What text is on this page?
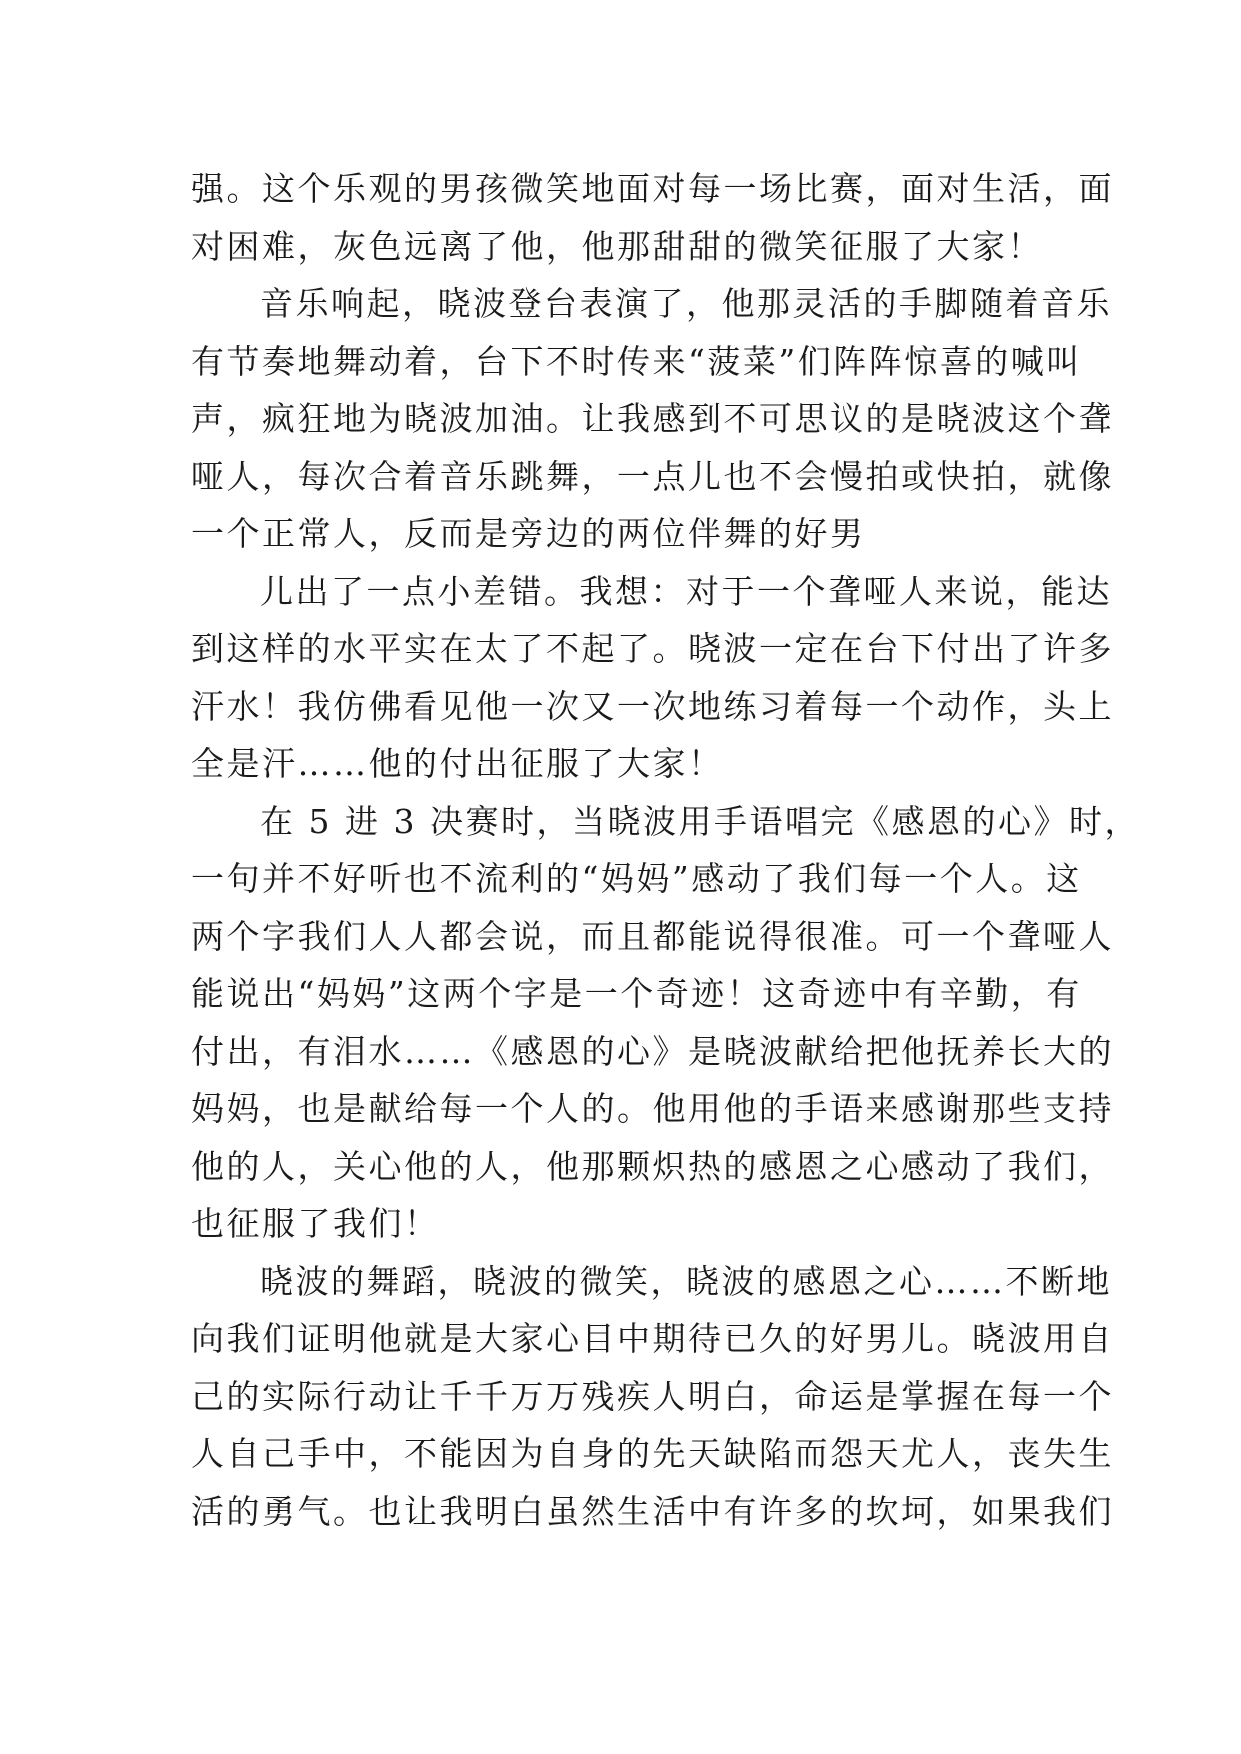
强。这个乐观的男孩微笑地面对每一场比赛，面对生活，面
对困难，灰色远离了他，他那甜甜的微笑征服了大家！
音乐响起，晓波登台表演了，他那灵活的手脚随着音乐
有节奏地舞动着，台下不时传来“菠菜”们阵阵惊喜的喊叫
声，疯狂地为晓波加油。让我感到不可思议的是晓波这个聋
哑人，每次合着音乐跳舞，一点儿也不会慢拍或快拍，就像
一个正常人，反而是旁边的两位伴舞的好男
儿出了一点小差错。我想：对于一个聋哑人来说，能达
到这样的水平实在太了不起了。晓波一定在台下付出了许多
汗水！我仿佛看见他一次又一次地练习着每一个动作，头上
全是汗……他的付出征服了大家！
在 5 进 3 决赛时，当晓波用手语唱完《感恩的心》时，
一句并不好听也不流利的“妈妈”感动了我们每一个人。这
两个字我们人人都会说，而且都能说得很准。可一个聋哑人
能说出“妈妈”这两个字是一个奇迹！这奇迹中有辛勤，有
付出，有泪水……《感恩的心》是晓波献给把他抚养长大的
妈妈，也是献给每一个人的。他用他的手语来感谢那些支持
他的人，关心他的人，他那颗炽热的感恩之心感动了我们，
也征服了我们！
晓波的舞蹈，晓波的微笑，晓波的感恩之心……不断地
向我们证明他就是大家心目中期待已久的好男儿。晓波用自
己的实际行动让千千万万残疾人明白，命运是掌握在每一个
人自己手中，不能因为自身的先天缺陷而怨天尤人，丧失生
活的勇气。也让我明白虽然生活中有许多的坎坷，如果我们
